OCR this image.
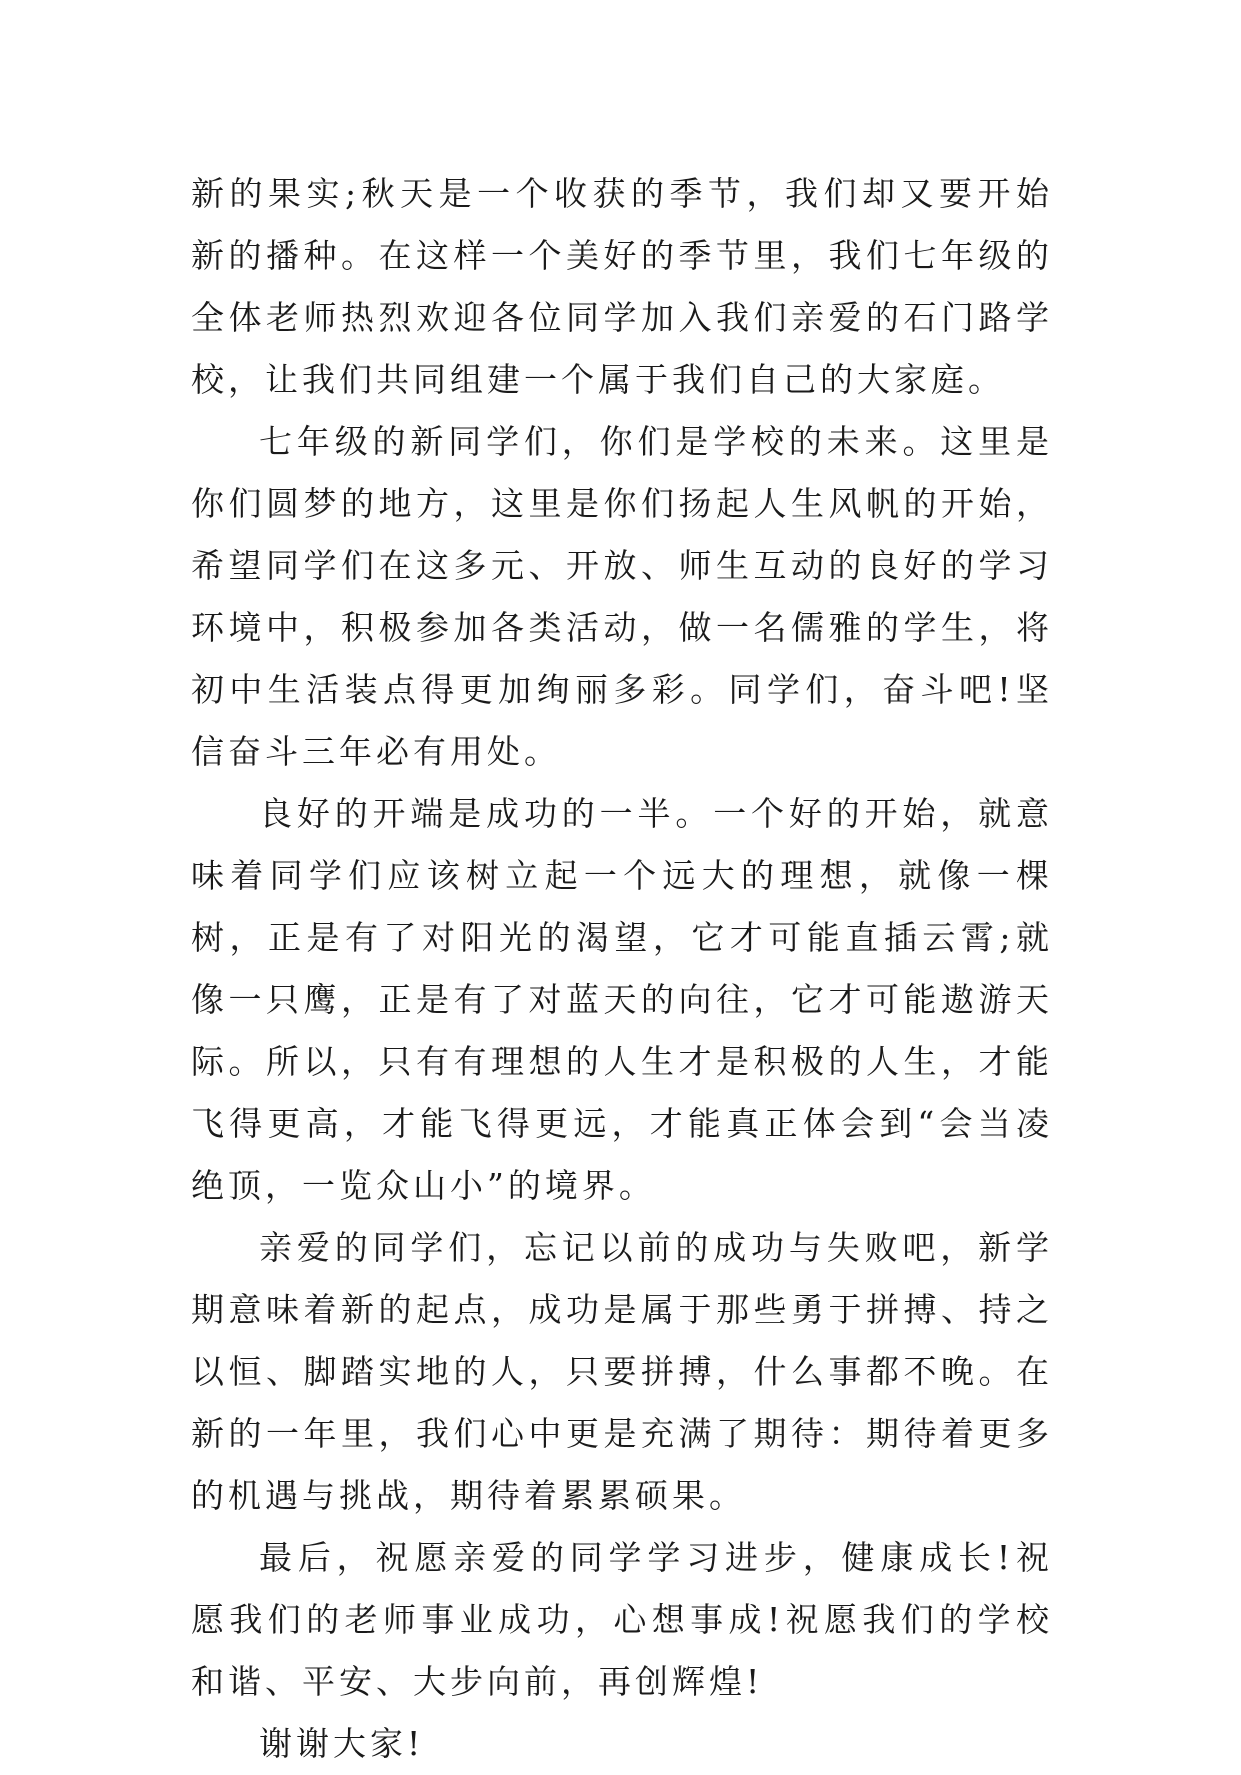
新的果实;秋天是一个收获的季节，我们却又要开始新的播种。在这样一个美好的季节里，我们七年级的全体老师热烈欢迎各位同学加入我们亲爱的石门路学校，让我们共同组建一个属于我们自己的大家庭。

七年级的新同学们，你们是学校的未来。这里是你们圆梦的地方，这里是你们扬起人生风帆的开始，希望同学们在这多元、开放、师生互动的良好的学习环境中，积极参加各类活动，做一名儒雅的学生，将初中生活装点得更加绚丽多彩。同学们，奋斗吧!坚信奋斗三年必有用处。

良好的开端是成功的一半。一个好的开始，就意味着同学们应该树立起一个远大的理想，就像一棵树，正是有了对阳光的渴望，它才可能直插云霄;就像一只鹰，正是有了对蓝天的向往，它才可能遨游天际。所以，只有有理想的人生才是积极的人生，才能飞得更高，才能飞得更远，才能真正体会到“会当凌绝顶，一览众山小”的境界。

亲爱的同学们，忘记以前的成功与失败吧，新学期意味着新的起点，成功是属于那些勇于拼搏、持之以恒、脚踏实地的人，只要拼搏，什么事都不晚。在新的一年里，我们心中更是充满了期待：期待着更多的机遇与挑战，期待着累累硕果。

最后，祝愿亲爱的同学学习进步，健康成长!祝愿我们的老师事业成功，心想事成!祝愿我们的学校和谐、平安、大步向前，再创辉煌!

谢谢大家!
